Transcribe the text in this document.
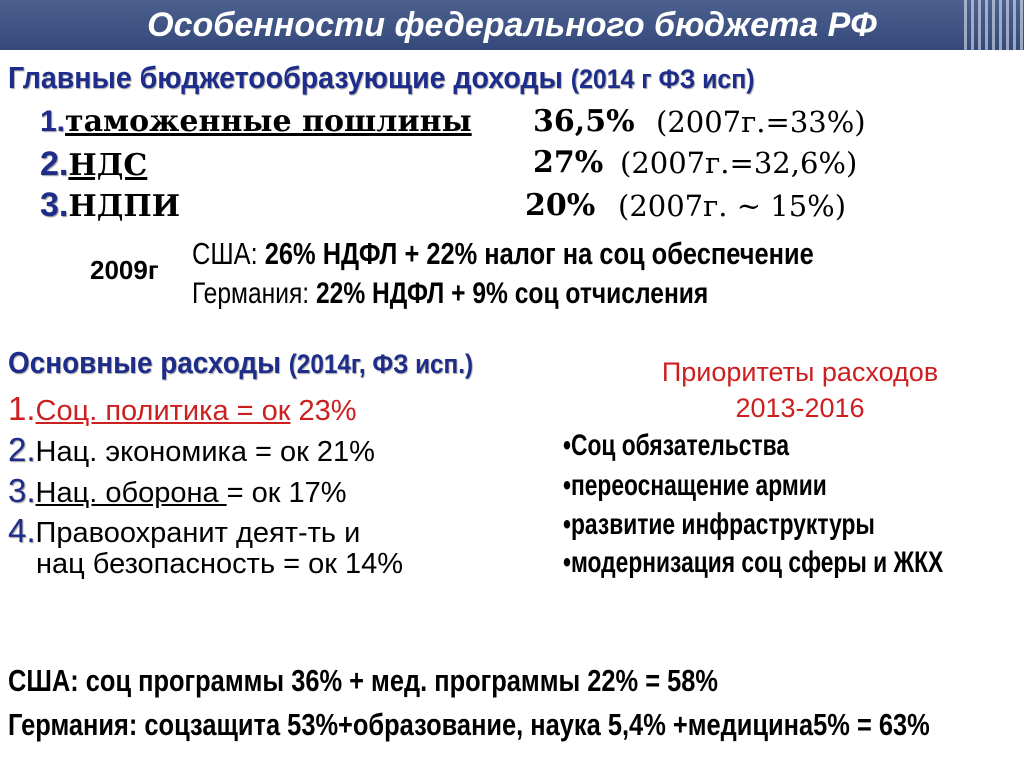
Особенности федерального бюджета РФ
Главные бюджетообразующие доходы (2014 г ФЗ исп)
1.таможенные пошлины 36,5% (2007г.=33%)
2.НДС	27% (2007г.=32,6%)
3.НДПИ	20% (2007г. ~ 15%)
2009г США: 26% НДФЛ + 22% налог на соц обеспечение
Германия: 22% НДФЛ + 9% соц отчисления
Основные расходы (2014г, ФЗ исп.)
1.Соц. политика = ок 23%
2.Нац. экономика = ок 21%
3.Нац. оборона = ок 17%
4.Правоохранит деят-ть и
нац безопасность = ок 14%
Приоритеты расходов
2013-2016
•Соц обязательства
•переоснащение армии
•развитие инфраструктуры
•модернизация соц сферы и ЖКХ
США: соц программы 36% + мед. программы 22% = 58%
Германия: соцзащита 53%+образование, наука 5,4% +медицина5% = 63%
